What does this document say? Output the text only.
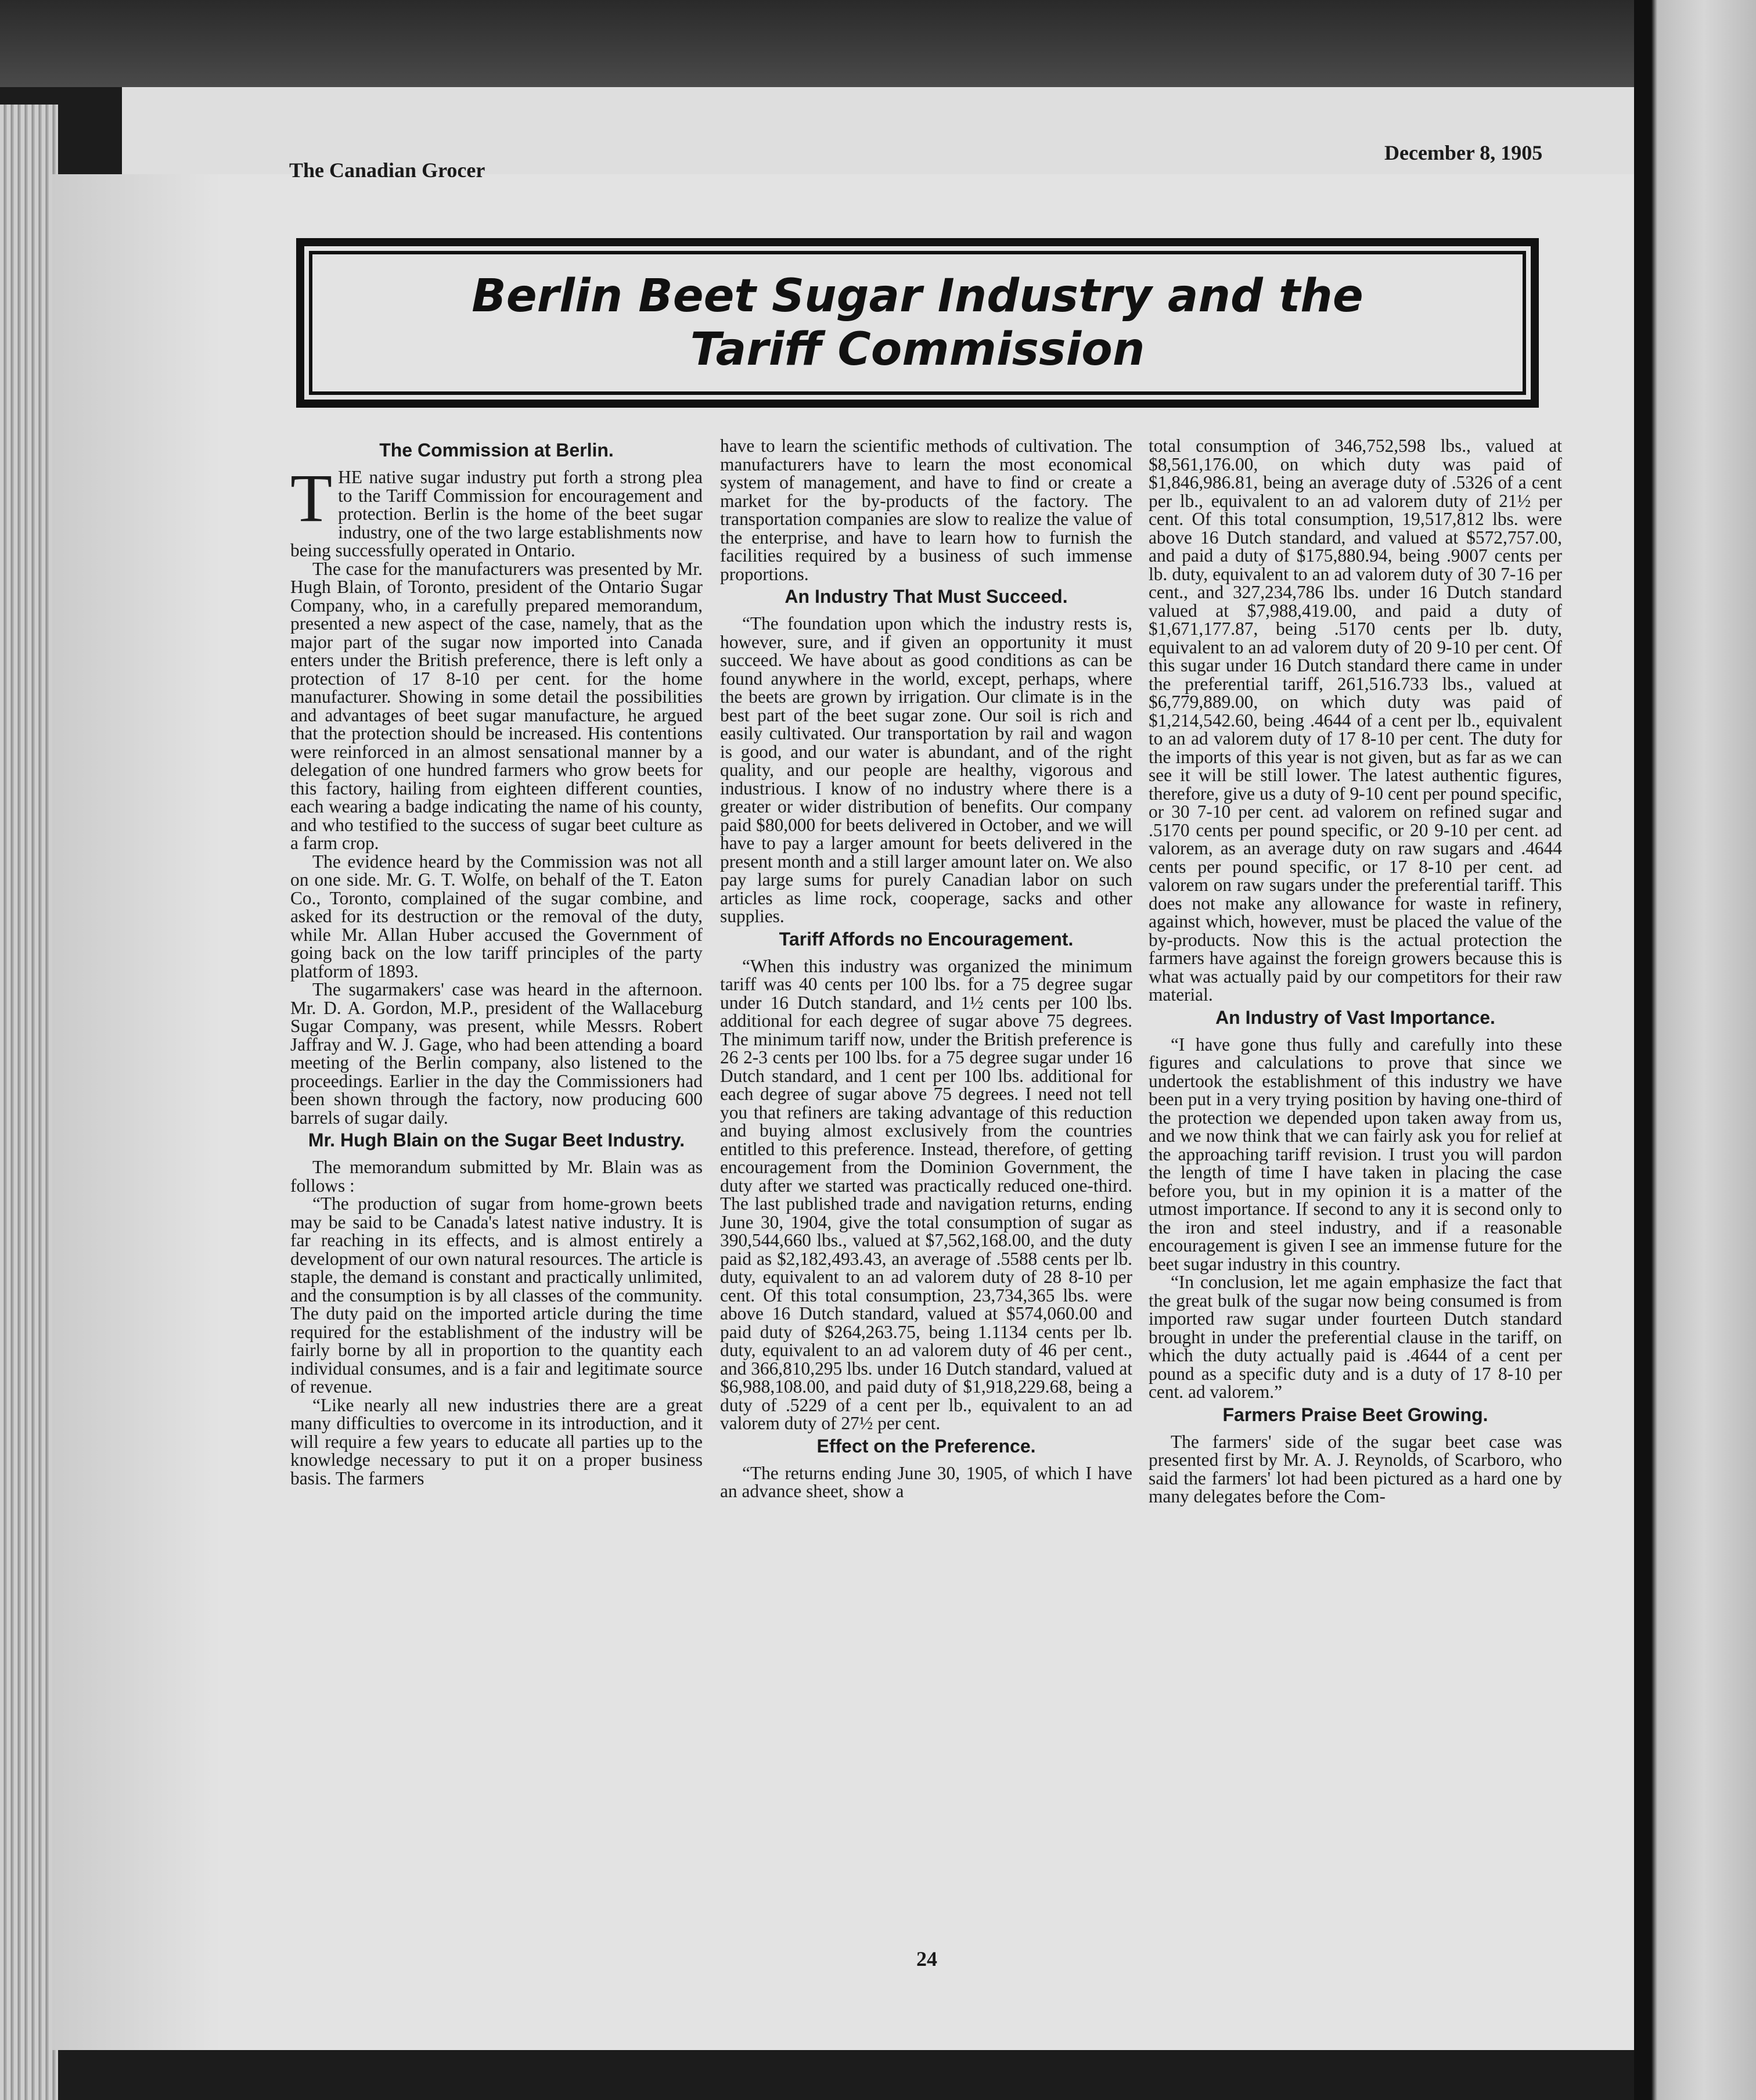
The Canadian Grocer
December 8, 1905
Berlin Beet Sugar Industry and the
Tariff Commission
The Commission at Berlin.

THE native sugar industry put forth a strong plea to the Tariff Commission for encouragement and protection. Berlin is the home of the beet sugar industry, one of the two large establishments now being successfully operated in Ontario.

The case for the manufacturers was presented by Mr. Hugh Blain, of Toronto, president of the Ontario Sugar Company, who, in a carefully prepared memorandum, presented a new aspect of the case, namely, that as the major part of the sugar now imported into Canada enters under the British preference, there is left only a protection of 17 8-10 per cent. for the home manufacturer. Showing in some detail the possibilities and advantages of beet sugar manufacture, he argued that the protection should be increased. His contentions were reinforced in an almost sensational manner by a delegation of one hundred farmers who grow beets for this factory, hailing from eighteen different counties, each wearing a badge indicating the name of his county, and who testified to the success of sugar beet culture as a farm crop.

The evidence heard by the Commission was not all on one side. Mr. G. T. Wolfe, on behalf of the T. Eaton Co., Toronto, complained of the sugar combine, and asked for its destruction or the removal of the duty, while Mr. Allan Huber accused the Government of going back on the low tariff principles of the party platform of 1893.

The sugarmakers' case was heard in the afternoon. Mr. D. A. Gordon, M.P., president of the Wallaceburg Sugar Company, was present, while Messrs. Robert Jaffray and W. J. Gage, who had been attending a board meeting of the Berlin company, also listened to the proceedings. Earlier in the day the Commissioners had been shown through the factory, now producing 600 barrels of sugar daily.

Mr. Hugh Blain on the Sugar Beet Industry.

The memorandum submitted by Mr. Blain was as follows :

“The production of sugar from home-grown beets may be said to be Canada's latest native industry. It is far reaching in its effects, and is almost entirely a development of our own natural resources. The article is staple, the demand is constant and practically unlimited, and the consumption is by all classes of the community. The duty paid on the imported article during the time required for the establishment of the industry will be fairly borne by all in proportion to the quantity each individual consumes, and is a fair and legitimate source of revenue.

“Like nearly all new industries there are a great many difficulties to overcome in its introduction, and it will require a few years to educate all parties up to the knowledge necessary to put it on a proper business basis. The farmers

have to learn the scientific methods of cultivation. The manufacturers have to learn the most economical system of management, and have to find or create a market for the by-products of the factory. The transportation companies are slow to realize the value of the enterprise, and have to learn how to furnish the facilities required by a business of such immense proportions.

An Industry That Must Succeed.

“The foundation upon which the industry rests is, however, sure, and if given an opportunity it must succeed. We have about as good conditions as can be found anywhere in the world, except, perhaps, where the beets are grown by irrigation. Our climate is in the best part of the beet sugar zone. Our soil is rich and easily cultivated. Our transportation by rail and wagon is good, and our water is abundant, and of the right quality, and our people are healthy, vigorous and industrious. I know of no industry where there is a greater or wider distribution of benefits. Our company paid $80,000 for beets delivered in October, and we will have to pay a larger amount for beets delivered in the present month and a still larger amount later on. We also pay large sums for purely Canadian labor on such articles as lime rock, cooperage, sacks and other supplies.

Tariff Affords no Encouragement.

“When this industry was organized the minimum tariff was 40 cents per 100 lbs. for a 75 degree sugar under 16 Dutch standard, and 1½ cents per 100 lbs. additional for each degree of sugar above 75 degrees. The minimum tariff now, under the British preference is 26 2-3 cents per 100 lbs. for a 75 degree sugar under 16 Dutch standard, and 1 cent per 100 lbs. additional for each degree of sugar above 75 degrees. I need not tell you that refiners are taking advantage of this reduction and buying almost exclusively from the countries entitled to this preference. Instead, therefore, of getting encouragement from the Dominion Government, the duty after we started was practically reduced one-third. The last published trade and navigation returns, ending June 30, 1904, give the total consumption of sugar as 390,544,660 lbs., valued at $7,562,168.00, and the duty paid as $2,182,493.43, an average of .5588 cents per lb. duty, equivalent to an ad valorem duty of 28 8-10 per cent. Of this total consumption, 23,734,365 lbs. were above 16 Dutch standard, valued at $574,060.00 and paid duty of $264,263.75, being 1.1134 cents per lb. duty, equivalent to an ad valorem duty of 46 per cent., and 366,810,295 lbs. under 16 Dutch standard, valued at $6,988,108.00, and paid duty of $1,918,229.68, being a duty of .5229 of a cent per lb., equivalent to an ad valorem duty of 27½ per cent.

Effect on the Preference.

“The returns ending June 30, 1905, of which I have an advance sheet, show a

total consumption of 346,752,598 lbs., valued at $8,561,176.00, on which duty was paid of $1,846,986.81, being an average duty of .5326 of a cent per lb., equivalent to an ad valorem duty of 21½ per cent. Of this total consumption, 19,517,812 lbs. were above 16 Dutch standard, and valued at $572,757.00, and paid a duty of $175,880.94, being .9007 cents per lb. duty, equivalent to an ad valorem duty of 30 7-16 per cent., and 327,234,786 lbs. under 16 Dutch standard valued at $7,988,419.00, and paid a duty of $1,671,177.87, being .5170 cents per lb. duty, equivalent to an ad valorem duty of 20 9-10 per cent. Of this sugar under 16 Dutch standard there came in under the preferential tariff, 261,516.733 lbs., valued at $6,779,889.00, on which duty was paid of $1,214,542.60, being .4644 of a cent per lb., equivalent to an ad valorem duty of 17 8-10 per cent. The duty for the imports of this year is not given, but as far as we can see it will be still lower. The latest authentic figures, therefore, give us a duty of 9-10 cent per pound specific, or 30 7-10 per cent. ad valorem on refined sugar and .5170 cents per pound specific, or 20 9-10 per cent. ad valorem, as an average duty on raw sugars and .4644 cents per pound specific, or 17 8-10 per cent. ad valorem on raw sugars under the preferential tariff. This does not make any allowance for waste in refinery, against which, however, must be placed the value of the by-products. Now this is the actual protection the farmers have against the foreign growers because this is what was actually paid by our competitors for their raw material.

An Industry of Vast Importance.

“I have gone thus fully and carefully into these figures and calculations to prove that since we undertook the establishment of this industry we have been put in a very trying position by having one-third of the protection we depended upon taken away from us, and we now think that we can fairly ask you for relief at the approaching tariff revision. I trust you will pardon the length of time I have taken in placing the case before you, but in my opinion it is a matter of the utmost importance. If second to any it is second only to the iron and steel industry, and if a reasonable encouragement is given I see an immense future for the beet sugar industry in this country.

“In conclusion, let me again emphasize the fact that the great bulk of the sugar now being consumed is from imported raw sugar under fourteen Dutch standard brought in under the preferential clause in the tariff, on which the duty actually paid is .4644 of a cent per pound as a specific duty and is a duty of 17 8-10 per cent. ad valorem.”

Farmers Praise Beet Growing.

The farmers' side of the sugar beet case was presented first by Mr. A. J. Reynolds, of Scarboro, who said the farmers' lot had been pictured as a hard one by many delegates before the Com-

24
